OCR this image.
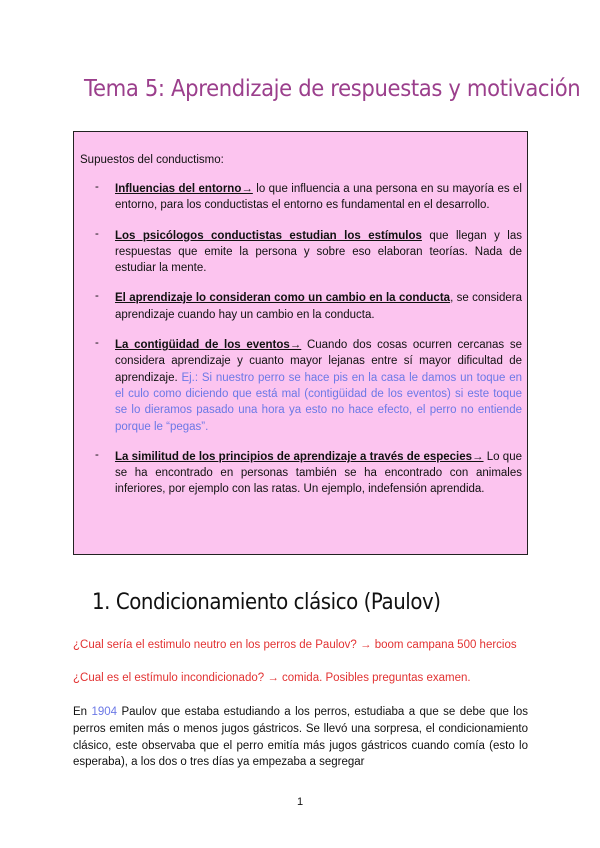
Tema 5: Aprendizaje de respuestas y motivación
Supuestos del conductismo:
- Influencias del entorno→ lo que influencia a una persona en su mayoría es el entorno, para los conductistas el entorno es fundamental en el desarrollo.
- Los psicólogos conductistas estudian los estímulos que llegan y las respuestas que emite la persona y sobre eso elaboran teorías. Nada de estudiar la mente.
- El aprendizaje lo consideran como un cambio en la conducta, se considera aprendizaje cuando hay un cambio en la conducta.
- La contigüidad de los eventos→ Cuando dos cosas ocurren cercanas se considera aprendizaje y cuanto mayor lejanas entre sí mayor dificultad de aprendizaje. Ej.: Si nuestro perro se hace pis en la casa le damos un toque en el culo como diciendo que está mal (contigüidad de los eventos) si este toque se lo dieramos pasado una hora ya esto no hace efecto, el perro no entiende porque le “pegas”.
- La similitud de los principios de aprendizaje a través de especies→ Lo que se ha encontrado en personas también se ha encontrado con animales inferiores, por ejemplo con las ratas. Un ejemplo, indefensión aprendida.
1. Condicionamiento clásico (Paulov)
¿Cual sería el estimulo neutro en los perros de Paulov? → boom campana 500 hercios
¿Cual es el estímulo incondicionado? → comida. Posibles preguntas examen.
En 1904 Paulov que estaba estudiando a los perros, estudiaba a que se debe que los perros emiten más o menos jugos gástricos. Se llevó una sorpresa, el condicionamiento clásico, este observaba que el perro emitía más jugos gástricos cuando comía (esto lo esperaba), a los dos o tres días ya empezaba a segregar
1
